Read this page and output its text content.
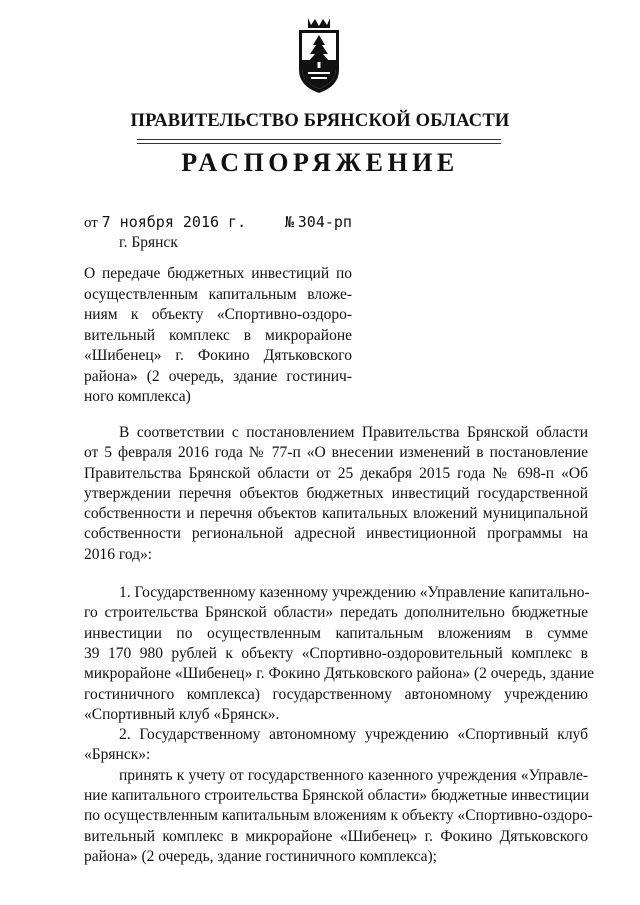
ПРАВИТЕЛЬСТВО БРЯНСКОЙ ОБЛАСТИ
РАСПОРЯЖЕНИЕ
от 7 ноября 2016 г.	№ 304-рп
г. Брянск
О передаче бюджетных инвестиций по
осуществленным капитальным вложе-
ниям к объекту «Спортивно-оздоро-
вительный комплекс в микрорайоне
«Шибенец» г. Фокино Дятьковского
района» (2 очередь, здание гостинич-
ного комплекса)
В соответствии с постановлением Правительства Брянской области
от 5 февраля 2016 года № 77-п «О внесении изменений в постановление
Правительства Брянской области от 25 декабря 2015 года № 698-п «Об
утверждении перечня объектов бюджетных инвестиций государственной
собственности и перечня объектов капитальных вложений муниципальной
собственности региональной адресной инвестиционной программы на
2016 год»:
1. Государственному казенному учреждению «Управление капитально-
го строительства Брянской области» передать дополнительно бюджетные
инвестиции по осуществленным капитальным вложениям в сумме
39 170 980 рублей к объекту «Спортивно-оздоровительный комплекс в
микрорайоне «Шибенец» г. Фокино Дятьковского района» (2 очередь, здание
гостиничного комплекса) государственному автономному учреждению
«Спортивный клуб «Брянск».
2. Государственному автономному учреждению «Спортивный клуб
«Брянск»:
принять к учету от государственного казенного учреждения «Управле-
ние капитального строительства Брянской области» бюджетные инвестиции
по осуществленным капитальным вложениям к объекту «Спортивно-оздоро-
вительный комплекс в микрорайоне «Шибенец» г. Фокино Дятьковского
района» (2 очередь, здание гостиничного комплекса);
